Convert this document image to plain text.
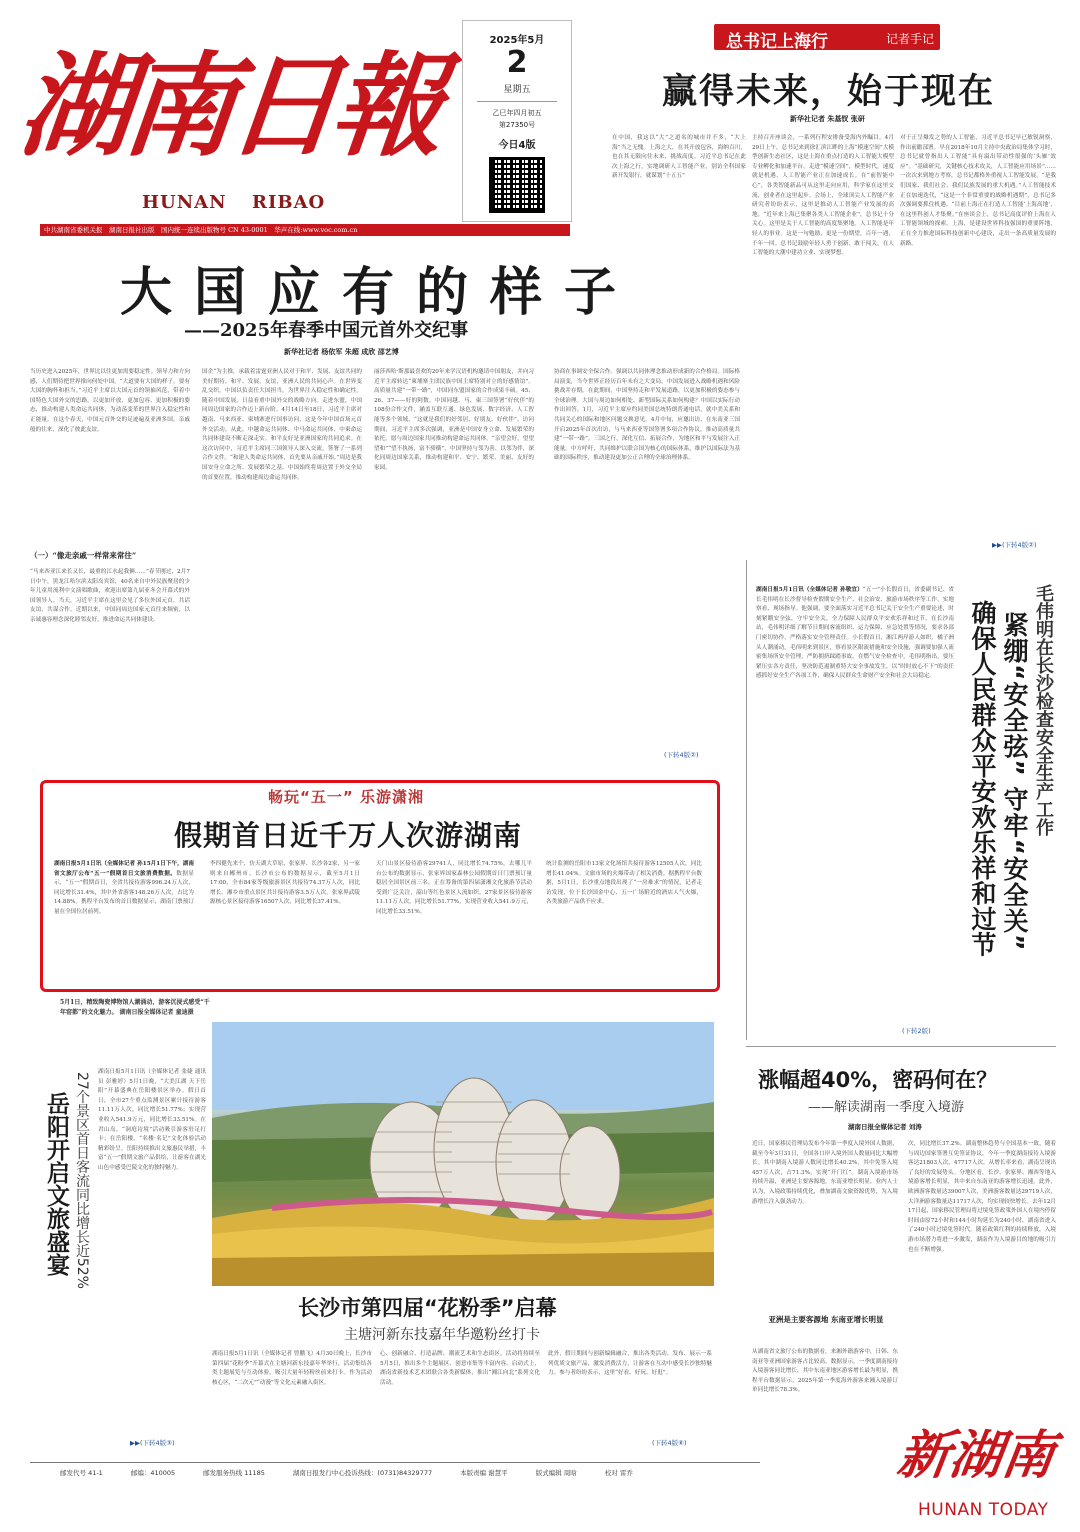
湖南日報
HUNAN RIBAO
2025年5月
2
星期五
乙巳年四月初五
第27350号
今日4版
中共湖南省委机关报　湖南日报社出版　国内统一连续出版物号 CN 43-0001　华声在线:www.voc.com.cn
总书记上海行	记者手记
赢得未来，始于现在
新华社记者 朱基钗 张研
在中国，我这以“大”之道名的城市并不多，“大上海”当之无愧。上海之大，在其开放包容，海纳百川，也在其无限向往未来、挑战高度。习近平总书记在此次上海之行，实地调研人工智能产业，别访全科国家新开发银行，就谋划“十五五”
主持召开座谈会，一系列行程安排备受海内外瞩目。4月29日上午，总书记来到徐汇滨江畔的上海“模速空间”大模型创新生态社区，这是上海在重点打造的人工智能大模型专业孵化和加速平台。走进“模速空间”，模型时代，速度就是机遇，人工智能产业正在加速成长。在“前智能中心”，各类智能新品可从这里走向应用，科学家在这里交流，创业者在这里起步。会场上，全球顶尖人工智能产业研究者纷纷表示，这里是推动人工智能产业发展的高地。“近年来上海已集聚各类人工智能企业”，总书记十分关心。这里是关于人工智能的高度集聚地。人工智能是年轻人的事业。这是一句勉励，更是一份期望。百年一遇，千年一回。总书记鼓励年轻人勇于创新、敢于闯关，在人工智能的大潮中建功立业、实现梦想。
对于正呈爆发之势的人工智能，习近平总书记早已敏锐洞察，作出前瞻部署。早在2018年10月主持中央政治局集体学习时，总书记就曾指出人工智能“具有溢出带动性很强的‘头雁’效应”。“基础研究，关键核心技术攻关，人工智能应用场景”……一次次来到地方考察，总书记都格外重视人工智能发展。“是我们国家、我们社会、我们民族发展的重大机遇。”人工智能技术正在加速迭代，“这是一个非常重要的战略机遇期”，总书记多次强调要抓住机遇。“目前上海正在打造人工智能‘上海高地’，在这里科创人才集聚。”在座谈会上，总书记高度评价上海在人工智能领域的探索。上海，是建设世界科技强国的重要阵地，正在全力推进国际科技创新中心建设，走出一条高质量发展的新路。
▶▶(下转4版②)
大国应有的样子
——2025年春季中国元首外交纪事
新华社记者 杨依军 朱超 成欣 邵艺博
当历史进入2025年，世界比以往更加需要稳定性。领导力和方向感，人们期待把世界推向何处中国。“大道要有大国的样子，要有大国的胸怀和担当。”习近平主席以大国元首的领袖风范，带着中国特色大国外交的思路，以更加开放、更加包容、更加积极的姿态，推动构建人类命运共同体，为动荡变革的世界注入稳定性和正能量。在这个春天，中国元首外交的足迹遍及亚洲多国，亲戚般的往来，深化了彼此友谊。
（一）“像走亲戚一样常来常往”
“马来西亚江来长又长，最重的江水起我俩……”春节刚过，2月7日中午，黑龙江哈尔滨太阳岛宾馆，40名来自中外民族聚居的少年儿童用流利中文演唱歌曲，欢迎出席第九届亚冬会开幕式的外国领导人。当天，习近平主席在这里会见了多位外国元首，共话友谊，共谋合作。近期以来，中国同周边国家元首往来频密，以亲诚惠容理念深化睦邻友好，推进命运共同体建设。
国企“为主推，承载着雷霆亚洲人民对于和平、发展、友谊共同的美好期待。和平、发展、友谊，亚洲人民的共同心声。在世界变乱交织，中国以负责任大国担当，为世界注入稳定性和确定性。随着中国发展，日益看重中国外交的战略方向。走进东盟，中国同周边国家的合作迈上新台阶。4月14日至18日，习近平主席对越南、马来西亚、柬埔寨进行国事访问，这是今年中国首场元首外交活动。从此，中越命运共同体、中马命运共同体、中柬命运共同体建设不断走深走实。和平友好是亚洲国家的共同追求。在这次访问中，习近平主席同三国领导人深入交流，签署了一系列合作文件。“和建人类命运共同体，首先要从亲戚开始。”周边是我国安身立命之所、发展繁荣之基。中国始终将周边置于外交全局的首要位置，推动构建周边命运共同体。
丽莎西哈·斯那最喜欢的20年来学汉语机构邀请中国朋友，并向习近平主席转达“柬埔寨主团民族中国主席特别对立的好感情谊”。高质量共建“一带一路”，中国同东盟国家的合作成果丰硕。45、26、37——好的阿数，中国同越、马、柬三国签署“好伙伴”的108份合作文件，涵盖互联互通、绿色发展、数字经济、人工智能等多个领域，“这就是我们的好邻居、好朋友、好伙伴”。访问期间，习近平主席多次强调，亚洲是中国安身立命、发展繁荣的依托，愿与周边国家共同推动构建命运共同体。“亲望会好，望望望和”“望不执扬，富不骄横”，中国坚持与邻为善、以邻为伴，深化同周边国家关系，推动构建和平、安宁、繁荣、美丽、友好的家园。
协商在事调安全保合作。强调以共同体理念推动形成新的合作格局。国际格局演变，当今世界正经历百年未有之大变局，中国发展进入战略机遇和风险挑战并存期。在此期间，中国坚持走和平发展道路，以更加积极的姿态参与全球治理。大国与周边如何相处、新型国际关系如何构建？中国以实际行动作出回答。1月，习近平主席应约同美国总统特朗普通电话，就中美关系和共同关心的国际和地区问题交换意见。4月中旬，应邀出访，在东南亚三国开启2025年首次出访，与马来西亚等国签署多项合作协议，推动高质量共建“一带一路”。三国之行，深化互信、拓展合作，为地区和平与发展注入正能量。中方呼吁，共同维护以联合国为核心的国际体系，维护以国际法为基础的国际秩序，推动建设更加公正合理的全球治理体系。
(下转4版②)
畅玩“五一” 乐游潇湘
假期首日近千万人次游湖南
湖南日报5月1日讯（全媒体记者 孙15月1日下午，湖南省文旅厅公布“五一”假期首日文旅消费数据。数据显示，“五一”假期首日，全省共接待游客996.24万人次，同比增长31.4%，其中外省游客148.26万人次，占比为14.88%。携程平台发布的首日数据显示，湖南门票预订量在全国位居前列。
李四健先来个，仿天湖大草原、张家界、长沙各2家，另一家则来自郴州市。长沙市公布的数据显示，截至5月1日17:00，全市84家等级旅游景区共接待74.37万人次，同比增长。湘乡市重点景区共计接待游客3.5万人次。张家界武陵源核心景区接待游客16507人次，同比增长37.41%。
天门山景区接待游客29741人，同比增长74.75%。去哪儿平台公布的数据显示，张家界国家森林公园假期首日门票预订量稳居全国景区前三名。正在筹备的第四届潇湘文化旅游节活动受到广泛关注，韶山等红色景区人流如织，27家景区接待游客11.11万人次，同比增长51.77%，实现营业收入541.9万元，同比增长33.51%。
统计监测的岳阳市13家文化场馆共接待游客12505人次，同比增长41.04%。文旅市场的火爆带动了相关消费。据携程平台数据，5月1日，长沙重点地段出现了“一房难求”的情况，记者走访发现，位于长沙国金中心、五一广场附近的酒店人气火爆，各类旅游产品供不应求。
毛伟明在长沙检查安全生产工作
紧绷“安全弦” 守牢“安全关”
确保人民群众平安欢乐祥和过节
湖南日报5月1日讯（全媒体记者 孙敬宜）“五一”小长假首日，省委副书记、省长毛伟明在长沙督导检查假期安全生产、社会治安、旅游市场秩序等工作，实地察看、现场指导。他强调，要全面落实习近平总书记关于安全生产重要论述，时刻紧绷安全弦，守牢安全关，全力保障人民群众平安欢乐祥和过节。在长沙南站，毛伟明详细了解节日期间客流组织、运力保障、应急处置等情况，要求各部门密切协作，严格落实安全管理责任。小长假首日，湘江两岸游人如织，橘子洲头人潮涌动。毛伟明来到景区，察看景区限流措施和安全设施，强调要加强人流密集场所安全管理，严防拥挤踩踏事故。在燃气安全检查中，毛伟明指出，要压紧压实各方责任，坚决防范遏制重特大安全事故发生，以“时时放心不下”的责任感抓好安全生产各项工作，确保人民群众生命财产安全和社会大局稳定。
(下转2版)
5月1日，精致陶瓷博物馆人潮涌动，游客沉浸式感受“千年窑都”的文化魅力。 湖南日报全媒体记者 童迪摄
岳阳开启文旅盛宴 27个景区首日客流同比增长近52%	湖南日报5月1日讯（全媒体记者 张婕 通讯员 彭雅婷）5月1日晚，“大美江湖 天下岳阳”开幕盛典在岳阳楼景区举办。假日首日，全市27个重点监测景区累计接待游客11.11万人次，同比增长51.77%；实现营业收入541.9万元，同比增长33.51%。在君山岛，“洞庭诗境”活动吸引游客驻足打卡；在岳阳楼，“名楼·名记”文化体验活动精彩纷呈。岳阳持续推出文旅惠民举措，丰富“五一”假期文旅产品供给，让游客在湖光山色中感受巴陵文化的独特魅力。
▶▶(下转4版③)
长沙市第四届“花粉季”启幕
主塘河新东技嘉年华邀粉丝打卡
湖南日报5月1日讯（全媒体记者 曾鹏飞）4月30日晚上，长沙市第四届“花粉季”开幕式在主塘河新东技嘉年华举行，活动集结各类主题展览与互动体验，吸引大量年轻粉丝前来打卡。作为活动核心区，“二次元”“动漫”等文化元素融入街区。
心、创新融合、打造品牌、潮流艺术和生态街区，活动将持续至5月5日，推出多个主题展区、创意市集等丰富内容，启动式上，湖南省新技术艺术团联合各类新媒体，推出“湘江向北”系列文化活动。
此外，假日期间与创新编辑融合，推出各类活动、发布、展示一系列优质文旅产品，激发消费活力，让游客在互动中感受长沙独特魅力。参与者纷纷表示，这里“好看、好玩、好逛”。
(下转4版⑥)
涨幅超40%，密码何在？
——解读湖南一季度入境游
湖南日报全媒体记者 刘涛
近日，国家移民管理局发布今年第一季度入境外国人数据，截至今年3月31日，全国各口岸入境外国人数量同比大幅增长。其中湖南入境游人数同比增长40.2%，其中免签入境457万人次，占71.3%，实现“开门红”。湖南入境游市场持续升温，亚洲是主要客源地，东南亚增长明显。业内人士认为，入境政策持续优化，叠加湖南文旅资源优势，为入境游增长注入强劲动力。
亚洲是主要客源地 东南亚增长明显
从湖南省文旅厅公布的数据看，来湘外籍游客中，日韩、东南亚等亚洲国家游客占比较高。数据显示，一季度湖南接待入境游客同比增长，其中东南亚地区游客增长最为明显，携程平台数据显示，2025年第一季度海外游客来湘入境游订单同比增长78.3%。
次，同比增长37.2%。湖南整体趋势与全国基本一致，随着与周边国家签署互免签证协议，今年一季度湖南接待入境游客达21803人次，47717人次。从增长率来看，湖南呈现出了良好的发展势头。分地区看，长沙、张家界、湘西等地入境游客增长明显，其中来自东南亚的游客增长迅速。此外，欧洲游客数量达39007人次，美洲游客数量达29719人次，大洋洲游客数量达11717人次，均实现较快增长。去年12月17日起，国家移民管理局将过境免签政策外国人在境内停留时间由原72小时和144小时均延长为240小时，湖南省进入了240小时过境免签时代。随着政策红利的持续释放，入境游市场潜力将进一步激发，湖南作为入境游目的地的吸引力也在不断增强。
邮发代号 41-1	邮编：410005	邮发服务热线 11185	湖南日报发行中心投诉热线：(0731)84329777	本版责编 谢慧平	版式编辑 周晗	校对 雷乔	新湖南
HUNAN TODAY
